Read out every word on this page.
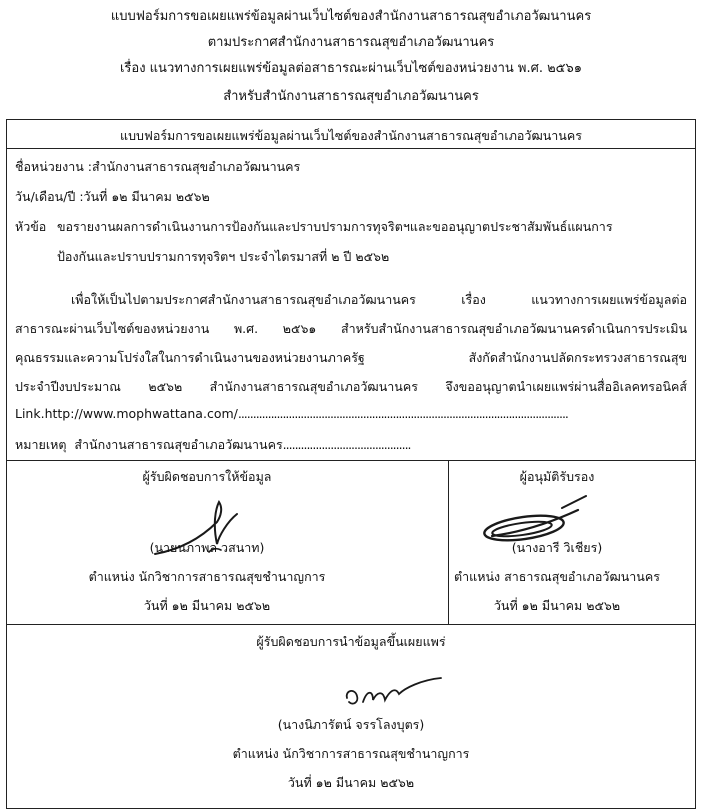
แบบฟอร์มการขอเผยแพร่ข้อมูลผ่านเว็บไซต์ของสำนักงานสาธารณสุขอำเภอวัฒนานคร
ตามประกาศสำนักงานสาธารณสุขอำเภอวัฒนานคร
เรื่อง แนวทางการเผยแพร่ข้อมูลต่อสาธารณะผ่านเว็บไซต์ของหน่วยงาน พ.ศ. ๒๕๖๑
สำหรับสำนักงานสาธารณสุขอำเภอวัฒนานคร
แบบฟอร์มการขอเผยแพร่ข้อมูลผ่านเว็บไซต์ของสำนักงานสาธารณสุขอำเภอวัฒนานคร
ชื่อหน่วยงาน :สำนักงานสาธารณสุขอำเภอวัฒนานคร
วัน/เดือน/ปี :วันที่ ๑๒ มีนาคม ๒๕๖๒
หัวข้อ ขอรายงานผลการดำเนินงานการป้องกันและปราบปรามการทุจริตฯและขออนุญาตประชาสัมพันธ์แผนการ
ป้องกันและปราบปรามการทุจริตฯ ประจำไตรมาสที่ ๒ ปี ๒๕๖๒
เพื่อให้เป็นไปตามประกาศสำนักงานสาธารณสุขอำเภอวัฒนานคร เรื่อง แนวทางการเผยแพร่ข้อมูลต่อ
สาธารณะผ่านเว็บไซต์ของหน่วยงาน พ.ศ. ๒๕๖๑ สำหรับสำนักงานสาธารณสุขอำเภอวัฒนานครดำเนินการประเมิน
คุณธรรมและความโปร่งใสในการดำเนินงานของหน่วยงานภาครัฐ สังกัดสำนักงานปลัดกระทรวงสาธารณสุข
ประจำปีงบประมาณ ๒๕๖๒ สำนักงานสาธารณสุขอำเภอวัฒนานคร จึงขออนุญาตนำเผยแพร่ผ่านสื่ออิเลคทรอนิคส์
Link.http://www.mophwattana.com/...............................................................................................................
หมายเหตุ สำนักงานสาธารณสุขอำเภอวัฒนานคร...........................................
ผู้รับผิดชอบการให้ข้อมูล
(นายนภาพล วสนาท)
ตำแหน่ง นักวิชาการสาธารณสุขชำนาญการ
วันที่ ๑๒ มีนาคม ๒๕๖๒
ผู้อนุมัติรับรอง
(นางอารี วิเชียร)
ตำแหน่ง สาธารณสุขอำเภอวัฒนานคร
วันที่ ๑๒ มีนาคม ๒๕๖๒
ผู้รับผิดชอบการนำข้อมูลขึ้นเผยแพร่
(นางนิภารัตน์ จรรโลงบุตร)
ตำแหน่ง นักวิชาการสาธารณสุขชำนาญการ
วันที่ ๑๒ มีนาคม ๒๕๖๒
